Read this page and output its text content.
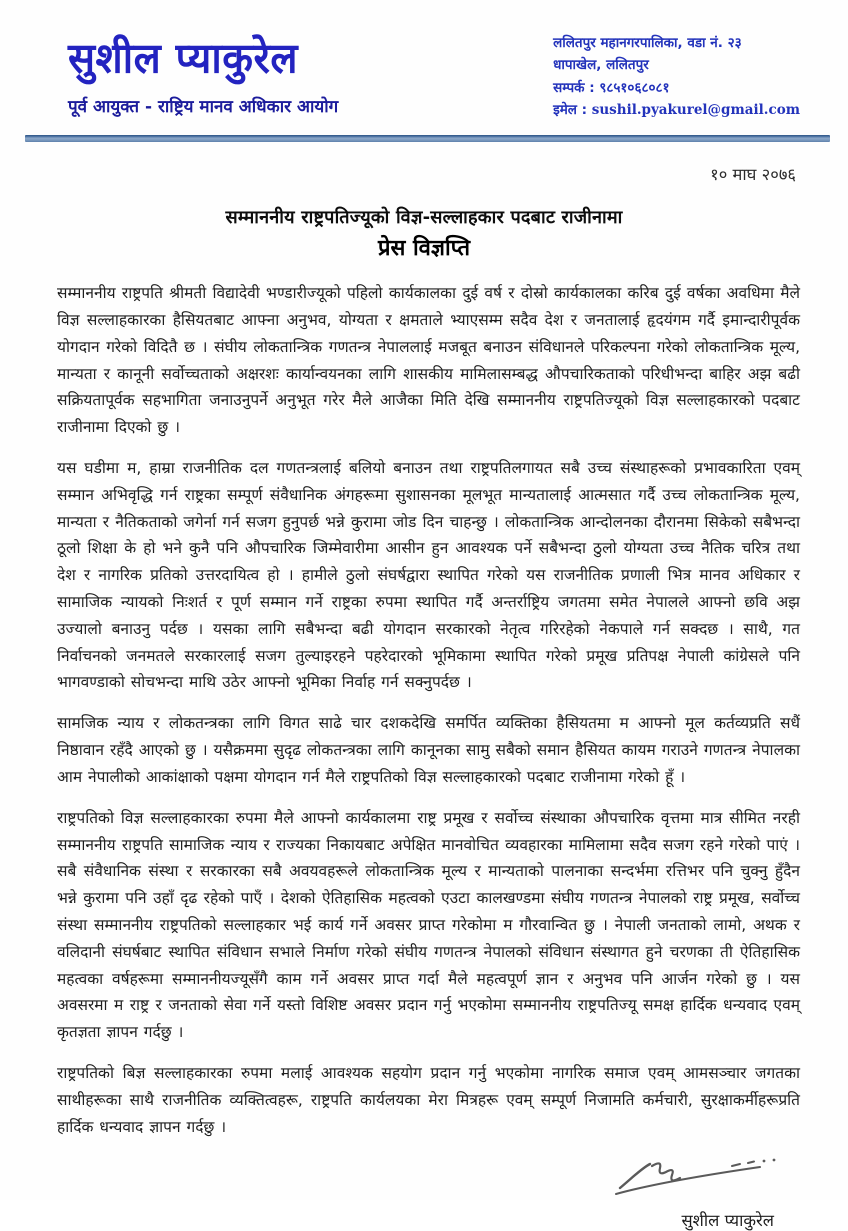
सुशील प्याकुरेल
पूर्व आयुक्त - राष्ट्रिय मानव अधिकार आयोग
ललितपुर महानगरपालिका, वडा नं. २३
धापाखेल, ललितपुर
सम्पर्क : ९८५१०६८०८१
इमेल : sushil.pyakurel@gmail.com
१० माघ २०७६
सम्माननीय राष्ट्रपतिज्यूको विज्ञ-सल्लाहकार पदबाट राजीनामा
प्रेस विज्ञप्ति

सम्माननीय राष्ट्रपति श्रीमती विद्यादेवी भण्डारीज्यूको पहिलो कार्यकालका दुई वर्ष र दोस्रो कार्यकालका करिब दुई वर्षका अवधिमा मैले विज्ञ सल्लाहकारका हैसियतबाट आफ्ना अनुभव, योग्यता र क्षमताले भ्याएसम्म सदैव देश र जनतालाई हृदयंगम गर्दै इमान्दारीपूर्वक योगदान गरेको विदितै छ । संघीय लोकतान्त्रिक गणतन्त्र नेपाललाई मजबूत बनाउन संविधानले परिकल्पना गरेको लोकतान्त्रिक मूल्य, मान्यता र कानूनी सर्वोच्चताको अक्षरशः कार्यान्वयनका लागि शासकीय मामिलासम्बद्ध औपचारिकताको परिधीभन्दा बाहिर अझ बढी सक्रियतापूर्वक सहभागिता जनाउनुपर्ने अनुभूत गरेर मैले आजैका मिति देखि सम्माननीय राष्ट्रपतिज्यूको विज्ञ सल्लाहकारको पदबाट राजीनामा दिएको छु ।

यस घडीमा म, हाम्रा राजनीतिक दल गणतन्त्रलाई बलियो बनाउन तथा राष्ट्रपतिलगायत सबै उच्च संस्थाहरूको प्रभावकारिता एवम् सम्मान अभिवृद्धि गर्न राष्ट्रका सम्पूर्ण संवैधानिक अंगहरूमा सुशासनका मूलभूत मान्यतालाई आत्मसात गर्दै उच्च लोकतान्त्रिक मूल्य, मान्यता र नैतिकताको जगेर्ना गर्न सजग हुनुपर्छ भन्ने कुरामा जोड दिन चाहन्छु । लोकतान्त्रिक आन्दोलनका दौरानमा सिकेको सबैभन्दा ठूलो शिक्षा के हो भने कुनै पनि औपचारिक जिम्मेवारीमा आसीन हुन आवश्यक पर्ने सबैभन्दा ठुलो योग्यता उच्च नैतिक चरित्र तथा देश र नागरिक प्रतिको उत्तरदायित्व हो । हामीले ठुलो संघर्षद्वारा स्थापित गरेको यस राजनीतिक प्रणाली भित्र मानव अधिकार र सामाजिक न्यायको निःशर्त र पूर्ण सम्मान गर्ने राष्ट्रका रुपमा स्थापित गर्दै अन्तर्राष्ट्रिय जगतमा समेत नेपालले आफ्नो छवि अझ उज्यालो बनाउनु पर्दछ । यसका लागि सबैभन्दा बढी योगदान सरकारको नेतृत्व गरिरहेको नेकपाले गर्न सक्दछ । साथै, गत निर्वाचनको जनमतले सरकारलाई सजग तुल्याइरहने पहरेदारको भूमिकामा स्थापित गरेको प्रमूख प्रतिपक्ष नेपाली कांग्रेसले पनि भागवण्डाको सोचभन्दा माथि उठेर आफ्नो भूमिका निर्वाह गर्न सक्नुपर्दछ ।

सामजिक न्याय र लोकतन्त्रका लागि विगत साढे चार दशकदेखि समर्पित व्यक्तिका हैसियतमा म आफ्नो मूल कर्तव्यप्रति सधैं निष्ठावान रहँदै आएको छु । यसैक्रममा सुदृढ लोकतन्त्रका लागि कानूनका सामु सबैको समान हैसियत कायम गराउने गणतन्त्र नेपालका आम नेपालीको आकांक्षाको पक्षमा योगदान गर्न मैले राष्ट्रपतिको विज्ञ सल्लाहकारको पदबाट राजीनामा गरेको हूँ ।

राष्ट्रपतिको विज्ञ सल्लाहकारका रुपमा मैले आफ्नो कार्यकालमा राष्ट्र प्रमूख र सर्वोच्च संस्थाका औपचारिक वृत्तमा मात्र सीमित नरही सम्माननीय राष्ट्रपति सामाजिक न्याय र राज्यका निकायबाट अपेक्षित मानवोचित व्यवहारका मामिलामा सदैव सजग रहने गरेको पाएं । सबै संवैधानिक संस्था र सरकारका सबै अवयवहरूले लोकतान्त्रिक मूल्य र मान्यताको पालनाका सन्दर्भमा रत्तिभर पनि चुक्नु हुँदैन भन्ने कुरामा पनि उहाँ दृढ रहेको पाएँ । देशको ऐतिहासिक महत्वको एउटा कालखण्डमा संघीय गणतन्त्र नेपालको राष्ट्र प्रमूख, सर्वोच्च संस्था सम्माननीय राष्ट्रपतिको सल्लाहकार भई कार्य गर्ने अवसर प्राप्त गरेकोमा म गौरवान्वित छु । नेपाली जनताको लामो, अथक र वलिदानी संघर्षबाट स्थापित संविधान सभाले निर्माण गरेको संघीय गणतन्त्र नेपालको संविधान संस्थागत हुने चरणका ती ऐतिहासिक महत्वका वर्षहरूमा सम्माननीयज्यूसँगै काम गर्ने अवसर प्राप्त गर्दा मैले महत्वपूर्ण ज्ञान र अनुभव पनि आर्जन गरेको छु । यस अवसरमा म राष्ट्र र जनताको सेवा गर्ने यस्तो विशिष्ट अवसर प्रदान गर्नु भएकोमा सम्माननीय राष्ट्रपतिज्यू समक्ष हार्दिक धन्यवाद एवम् कृतज्ञता ज्ञापन गर्दछु ।

राष्ट्रपतिको बिज्ञ सल्लाहकारका रुपमा मलाई आवश्यक सहयोग प्रदान गर्नु भएकोमा नागरिक समाज एवम् आमसञ्चार जगतका साथीहरूका साथै राजनीतिक व्यक्तित्वहरू, राष्ट्रपति कार्यलयका मेरा मित्रहरू एवम् सम्पूर्ण निजामति कर्मचारी, सुरक्षाकर्मीहरूप्रति हार्दिक धन्यवाद ज्ञापन गर्दछु ।

सुशील प्याकुरेल
